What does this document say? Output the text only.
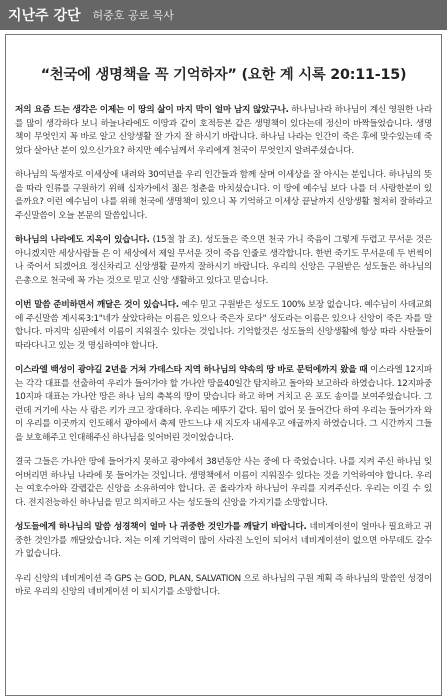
지난주 강단	허중호 공로 목사
“천국에 생명책을 꼭 기억하자” (요한 계 시록 20:11-15)

저의 요즘 드는 생각은 이제는 이 땅의 삶이 마지 막이 얼마 남지 않았구나. 하나님나라 하나님이 계신 영원한 나라를 많이 생각하다 보니 하늘나라에도 이땅과 같이 호적등본 같은 생명책이 있다는데 정신이 바짝들었습니다. 생명책이 무엇인지 꼭 바로 알고 신앙생활 잘 가지 잘 하시기 바랍니다. 하나님 나라는 인간이 죽은 후에 맞수있는데 죽었다 살아난 분이 있으신가요? 하지만 예수님께서 우리에게 천국이 무엇인지 알려주셨습니다.

하나님의 독생자로 이세상에 내려와 30여년을 우리 인간들과 함께 살며 이세상을 잘 아시는 분입니다. 하나님의 뜻을 따라 인류를 구원하기 위해 십자가에서 젊은 청춘을 바치셨습니다. 이 땅에 예수님 보다 나를 더 사랑한분이 있을까요? 이런 예수님이 나를 위해 천국에 생명책이 있으니 꼭 기억하고 이세상 끝날까지 신앙생활 철저히 잘하라고 주신말씀이 오늘 본문의 말씀입니다.

하나님의 나라에도 지옥이 있습니다. (15절 참 조). 성도들은 죽으면 천국 가니 죽음이 그렇게 두렵고 무서운 것은 아니겠지만 세상사람들 은 이 세상에서 제일 무서운 것이 죽음 인줄로 생각합니다. 한번 죽기도 무서운데 두 번씩이나 죽어서 되겠어요 정신차리고 신앙생활 끝까지 잘하시기 바랍니다. 우리의 신앙은 구원받은 성도들은 하나님의 은총으로 천국에 꼭 가는 것으로 믿고 신앙 생활하고 있다고 믿습니다.

이번 말씀 준비하면서 깨달은 것이 있습니다. 예수 믿고 구원받은 성도도 100% 보장 없습니다. 예수님이 사데교회에 주신말씀 계시록3:1"네가 살았다하는 이름은 있으나 죽은자 로다" 성도라는 이름은 있으나 신앙이 죽은 자를 말합니다. 마지막 심판에서 이름이 지워질수 있다는 것입니다. 기억할것은 성도들의 신앙생활에 항상 따라 사탄들이 따라다니고 있는 것 명심하여야 합니다.

이스라엘 백성이 광야길 2년을 거쳐 가데스타 지역 하나님의 약속의 땅 바로 문턱에까지 왔을 때 이스라엘 12지파는 각각 대표를 선출하여 우리가 들어가야 할 가나안 땅을40일간 탐지하고 돌아와 보고하라 하였습니다. 12지파중 10지파 대표는 가나안 땅은 하나 님의 축복의 땅이 맞습니다 하고 하며 거치고 온 포도 송이를 보여주었습니다. 그런데 거기에 사는 사 람은 키가 크고 장대하다. 우리는 메뚜기 같다. 됨이 없어 못 들어간다 하여 우리는 들어가자 와 이 우리를 이곳까지 인도해서 광야에서 축제 만드느냐 새 지도자 내세우고 애굽까지 하였습니다. 그 시간까지 그들을 보호해주고 인대해주신 하나님을 잊어버린 것이었습니다.

결국 그들은 가나안 땅에 들어가지 못하고 광야에서 38년동안 사는 중에 다 죽었습니다. 나를 지켜 주신 하나님 잊어버리면 하나님 나라에 못 들어가는 것입니다. 생명책에서 이름이 지워질수 있다는 것을 기억하여야 합니다. 우리는 여호수아와 갈렙같은 신앙을 소유하여야 합니다. 곧 올라가자 하나님이 우리를 지켜주신다. 우리는 이길 수 있다. 전지전능하신 하나님을 믿고 의지하고 사는 성도들의 신앙을 가지기를 소망합니다.

성도들에게 하나님의 말씀 성경책이 얼마 나 귀중한 것인가를 깨달기 바랍니다. 네비게이션이 얼마나 필요하고 귀중한 것인가를 깨달았습니다. 저는 이제 기억력이 많이 사라진 노인이 되어서 네비게이션이 없으면 아무데도 갈수가 없습니다.

우리 신앙의 네비게이션 즉 GPS 는 GOD, PLAN, SALVATION 으로 하나님의 구원 계획 즉 하나님의 말씀인 성경이 바로 우리의 신앙의 네비게이션 이 되시기를 소망합니다.
